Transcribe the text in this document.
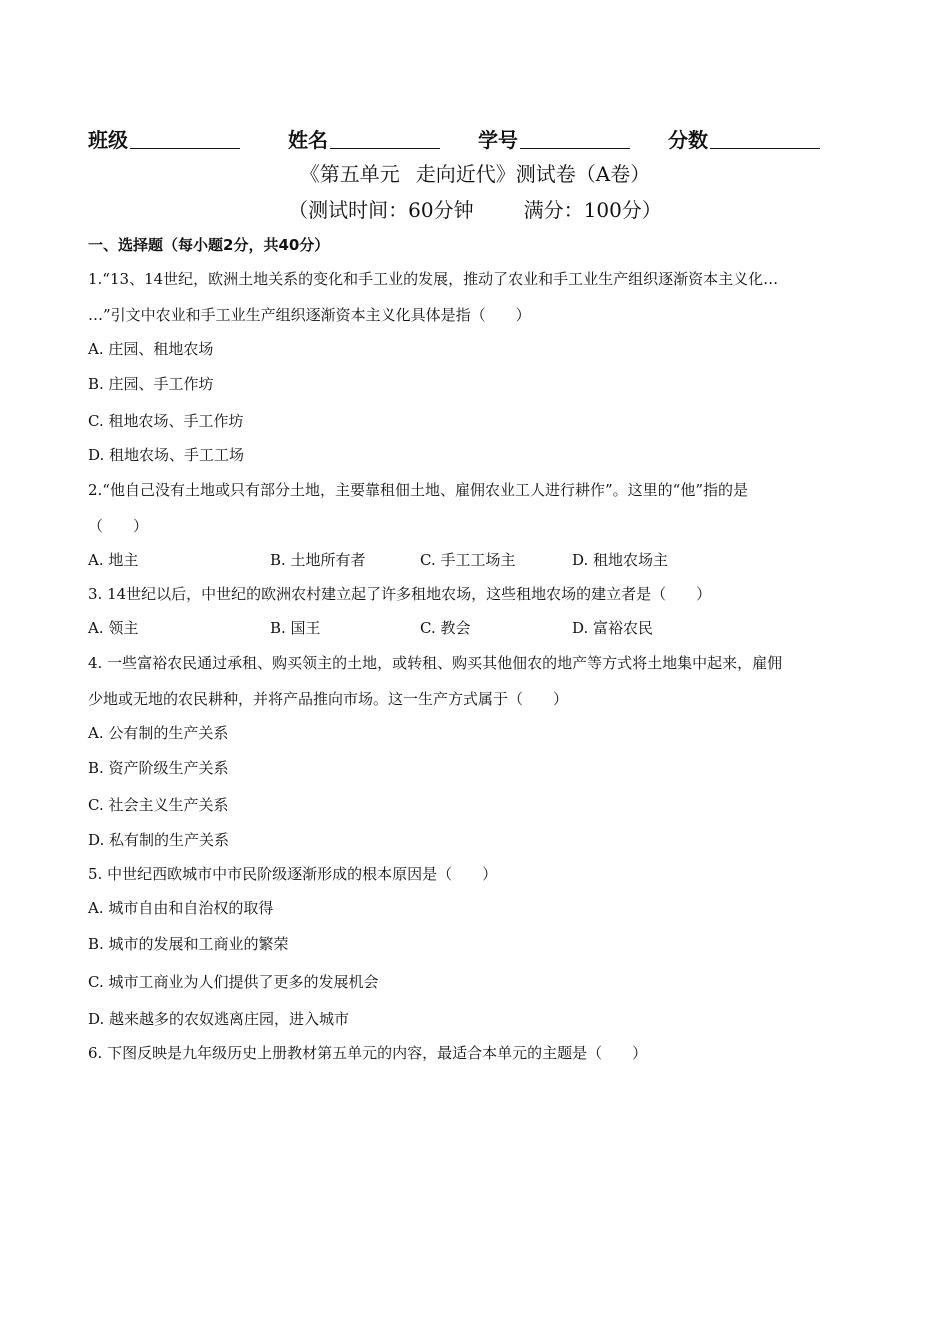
班级	姓名	学号	分数
《第五单元 走向近代》测试卷（A卷）
（测试时间：60分钟	满分：100分）
一、选择题（每小题2分，共40分）
1.“13、14世纪，欧洲土地关系的变化和手工业的发展，推动了农业和手工业生产组织逐渐资本主义化…
…”引文中农业和手工业生产组织逐渐资本主义化具体是指（　　）
A. 庄园、租地农场
B. 庄园、手工作坊
C. 租地农场、手工作坊
D. 租地农场、手工工场
2.“他自己没有土地或只有部分土地，主要靠租佃土地、雇佣农业工人进行耕作”。这里的“他”指的是
（　　）
A. 地主	B. 土地所有者	C. 手工工场主	D. 租地农场主
3. 14世纪以后，中世纪的欧洲农村建立起了许多租地农场，这些租地农场的建立者是（　　）
A. 领主	B. 国王	C. 教会	D. 富裕农民
4. 一些富裕农民通过承租、购买领主的土地，或转租、购买其他佃农的地产等方式将土地集中起来，雇佣
少地或无地的农民耕种，并将产品推向市场。这一生产方式属于（　　）
A. 公有制的生产关系
B. 资产阶级生产关系
C. 社会主义生产关系
D. 私有制的生产关系
5. 中世纪西欧城市中市民阶级逐渐形成的根本原因是（　　）
A. 城市自由和自治权的取得
B. 城市的发展和工商业的繁荣
C. 城市工商业为人们提供了更多的发展机会
D. 越来越多的农奴逃离庄园，进入城市
6. 下图反映是九年级历史上册教材第五单元的内容，最适合本单元的主题是（　　）
